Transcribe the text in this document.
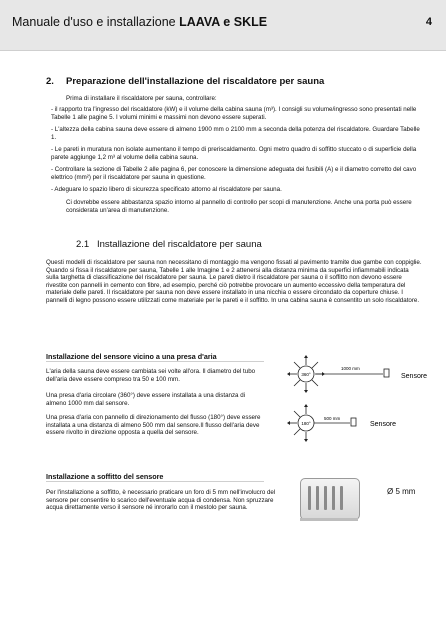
Manuale d'uso e installazione LAAVA e SKLE	4
2. Preparazione dell'installazione del riscaldatore per sauna
Prima di installare il riscaldatore per sauna, controllare:
- il rapporto tra l'ingresso del riscaldatore (kW) e il volume della cabina sauna (m³). I consigli su volume/ingresso sono presentati nelle Tabelle 1 alle pagine 5. I volumi minimi e massimi non devono essere superati.
- L'altezza della cabina sauna deve essere di almeno 1900 mm o 2100 mm a seconda della potenza del riscaldatore. Guardare Tabelle 1.
- Le pareti in muratura non isolate aumentano il tempo di preriscaldamento. Ogni metro quadro di soffitto stuccato o di superficie della parete aggiunge 1,2 m³ al volume della cabina sauna.
- Controllare la sezione di Tabelle 2 alle pagina 6, per conoscere la dimensione adeguata dei fusibili (A) e il diametro corretto del cavo elettrico (mm²) per il riscaldatore per sauna in questione.
- Adeguare lo spazio libero di sicurezza specificato attorno al riscaldatore per sauna.
Ci dovrebbe essere abbastanza spazio intorno al pannello di controllo per scopi di manutenzione. Anche una porta può essere considerata un'area di manutenzione.
2.1 Installazione del riscaldatore per sauna
Questi modelli di riscaldatore per sauna non necessitano di montaggio ma vengono fissati al pavimento tramite due gambe con coppiglie. Quando si fissa il riscaldatore per sauna, Tabelle 1 alle Imagine 1 e 2 attenersi alla distanza minima da superfici infiammabili indicata sulla targhetta di classificazione del riscaldatore per sauna. Le pareti dietro il riscaldatore per sauna o il soffitto non devono essere rivestite con pannelli in cemento con fibre, ad esempio, perché ciò potrebbe provocare un aumento eccessivo della temperatura del materiale delle pareti. Il riscaldatore per sauna non deve essere installato in una nicchia o essere circondato da coperture chiuse. I pannelli di legno possono essere utilizzati come materiale per le pareti e il soffitto. In una cabina sauna è consentito un solo riscaldatore.
Installazione del sensore vicino a una presa d'aria
L'aria della sauna deve essere cambiata sei volte all'ora. Il diametro del tubo dell'aria deve essere compreso tra 50 e 100 mm.
Una presa d'aria circolare (360°) deve essere installata a una distanza di almeno 1000 mm dal sensore.
Una presa d'aria con pannello di direzionamento del flusso (180°) deve essere installata a una distanza di almeno 500 mm dal sensore.Il flusso dell'aria deve essere rivolto in direzione opposta a quella del sensore.
360°
1000 mm
Sensore
180°
500 mm
Sensore
Installazione a soffitto del sensore
Per l'installazione a soffitto, è necessario praticare un foro di 5 mm nell'involucro del sensore per consentire lo scarico dell'eventuale acqua di condensa. Non spruzzare acqua direttamente verso il sensore né inrorarlo con il mestolo per sauna.
Ø 5 mm
